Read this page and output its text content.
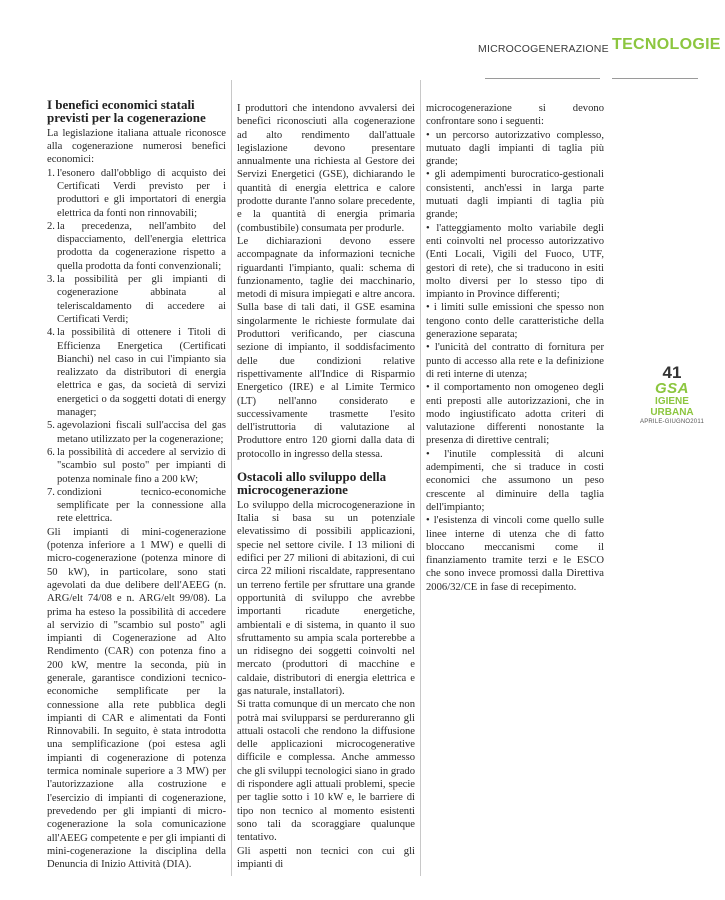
MICROCOGENERAZIONE TECNOLOGIE
I benefici economici statali previsti per la cogenerazione

La legislazione italiana attuale riconosce alla cogenerazione numerosi benefici economici:

1. l'esonero dall'obbligo di acquisto dei Certificati Verdi previsto per i produttori e gli importatori di energia elettrica da fonti non rinnovabili;
2. la precedenza, nell'ambito del dispacciamento, dell'energia elettrica prodotta da cogenerazione rispetto a quella prodotta da fonti convenzionali;
3. la possibilità per gli impianti di cogenerazione abbinata al teleriscaldamento di accedere ai Certificati Verdi;
4. la possibilità di ottenere i Titoli di Efficienza Energetica (Certificati Bianchi) nel caso in cui l'impianto sia realizzato da distributori di energia elettrica e gas, da società di servizi energetici o da soggetti dotati di energy manager;
5. agevolazioni fiscali sull'accisa del gas metano utilizzato per la cogenerazione;
6. la possibilità di accedere al servizio di "scambio sul posto" per impianti di potenza nominale fino a 200 kW;
7. condizioni tecnico-economiche semplificate per la connessione alla rete elettrica.

Gli impianti di mini-cogenerazione (potenza inferiore a 1 MW) e quelli di micro-cogenerazione (potenza minore di 50 kW), in particolare, sono stati agevolati da due delibere dell'AEEG (n. ARG/elt 74/08 e n. ARG/elt 99/08). La prima ha esteso la possibilità di accedere al servizio di "scambio sul posto" agli impianti di Cogenerazione ad Alto Rendimento (CAR) con potenza fino a 200 kW, mentre la seconda, più in generale, garantisce condizioni tecnico-economiche semplificate per la connessione alla rete pubblica degli impianti di CAR e alimentati da Fonti Rinnovabili. In seguito, è stata introdotta una semplificazione (poi estesa agli impianti di cogenerazione di potenza termica nominale superiore a 3 MW) per l'autorizzazione alla costruzione e l'esercizio di impianti di cogenerazione, prevedendo per gli impianti di micro-cogenerazione la sola comunicazione all'AEEG competente e per gli impianti di mini-cogenerazione la disciplina della Denuncia di Inizio Attività (DIA).

I produttori che intendono avvalersi dei benefici riconosciuti alla cogenerazione ad alto rendimento dall'attuale legislazione devono presentare annualmente una richiesta al Gestore dei Servizi Energetici (GSE), dichiarando le quantità di energia elettrica e calore prodotte durante l'anno solare precedente, e la quantità di energia primaria (combustibile) consumata per produrle.

Le dichiarazioni devono essere accompagnate da informazioni tecniche riguardanti l'impianto, quali: schema di funzionamento, taglie dei macchinario, metodi di misura impiegati e altre ancora. Sulla base di tali dati, il GSE esamina singolarmente le richieste formulate dai Produttori verificando, per ciascuna sezione di impianto, il soddisfacimento delle due condizioni relative rispettivamente all'Indice di Risparmio Energetico (IRE) e al Limite Termico (LT) nell'anno considerato e successivamente trasmette l'esito dell'istruttoria di valutazione al Produttore entro 120 giorni dalla data di protocollo in ingresso della stessa.

Ostacoli allo sviluppo della microcogenerazione

Lo sviluppo della microcogenerazione in Italia si basa su un potenziale elevatissimo di possibili applicazioni, specie nel settore civile. I 13 milioni di edifici per 27 milioni di abitazioni, di cui circa 22 milioni riscaldate, rappresentano un terreno fertile per sfruttare una grande opportunità di sviluppo che avrebbe importanti ricadute energetiche, ambientali e di sistema, in quanto il suo sfruttamento su ampia scala porterebbe a un ridisegno dei soggetti coinvolti nel mercato (produttori di macchine e caldaie, distributori di energia elettrica e gas naturale, installatori).

Si tratta comunque di un mercato che non potrà mai svilupparsi se perdureranno gli attuali ostacoli che rendono la diffusione delle applicazioni microcogenerative difficile e complessa. Anche ammesso che gli sviluppi tecnologici siano in grado di rispondere agli attuali problemi, specie per taglie sotto i 10 kW e, le barriere di tipo non tecnico al momento esistenti sono tali da scoraggiare qualunque tentativo.

Gli aspetti non tecnici con cui gli impianti di

microcogenerazione si devono confrontare sono i seguenti:

• un percorso autorizzativo complesso, mutuato dagli impianti di taglia più grande;
• gli adempimenti burocratico-gestionali consistenti, anch'essi in larga parte mutuati dagli impianti di taglia più grande;
• l'atteggiamento molto variabile degli enti coinvolti nel processo autorizzativo (Enti Locali, Vigili del Fuoco, UTF, gestori di rete), che si traducono in esiti molto diversi per lo stesso tipo di impianto in Province differenti;
• i limiti sulle emissioni che spesso non tengono conto delle caratteristiche della generazione separata;
• l'unicità del contratto di fornitura per punto di accesso alla rete e la definizione di reti interne di utenza;
• il comportamento non omogeneo degli enti preposti alle autorizzazioni, che in modo ingiustificato adotta criteri di valutazione differenti nonostante la presenza di direttive centrali;
• l'inutile complessità di alcuni adempimenti, che si traduce in costi economici che assumono un peso crescente al diminuire della taglia dell'impianto;
• l'esistenza di vincoli come quello sulle linee interne di utenza che di fatto bloccano meccanismi come il finanziamento tramite terzi e le ESCO che sono invece promossi dalla Direttiva 2006/32/CE in fase di recepimento.
41
GSA
IGIENE URBANA
APRILE-GIUGNO2011
